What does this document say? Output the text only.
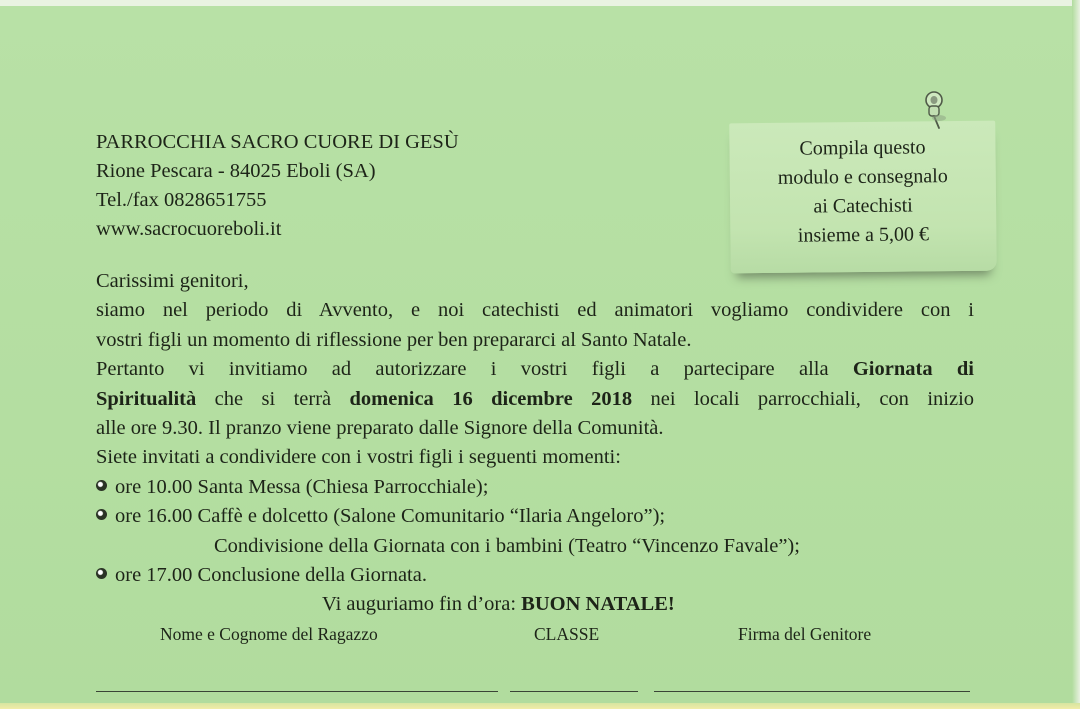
PARROCCHIA SACRO CUORE DI GESÙ
Rione Pescara - 84025 Eboli (SA)
Tel./fax 0828651755
www.sacrocuoreboli.it
Compila questo
modulo e consegnalo
ai Catechisti
insieme a 5,00 €

Carissimi genitori,

siamo nel periodo di Avvento, e noi catechisti ed animatori vogliamo condividere con i

vostri figli un momento di riflessione per ben prepararci al Santo Natale.

Pertanto vi invitiamo ad autorizzare i vostri figli a partecipare alla Giornata di

Spiritualità che si terrà domenica 16 dicembre 2018 nei locali parrocchiali, con inizio

alle ore 9.30. Il pranzo viene preparato dalle Signore della Comunità.

Siete invitati a condividere con i vostri figli i seguenti momenti:

ore 10.00 Santa Messa (Chiesa Parrocchiale);
ore 16.00 Caffè e dolcetto (Salone Comunitario “Ilaria Angeloro”);
Condivisione della Giornata con i bambini (Teatro “Vincenzo Favale”);
ore 17.00 Conclusione della Giornata.

Vi auguriamo fin d’ora: BUON NATALE!

Nome e Cognome del Ragazzo	CLASSE	Firma del Genitore
